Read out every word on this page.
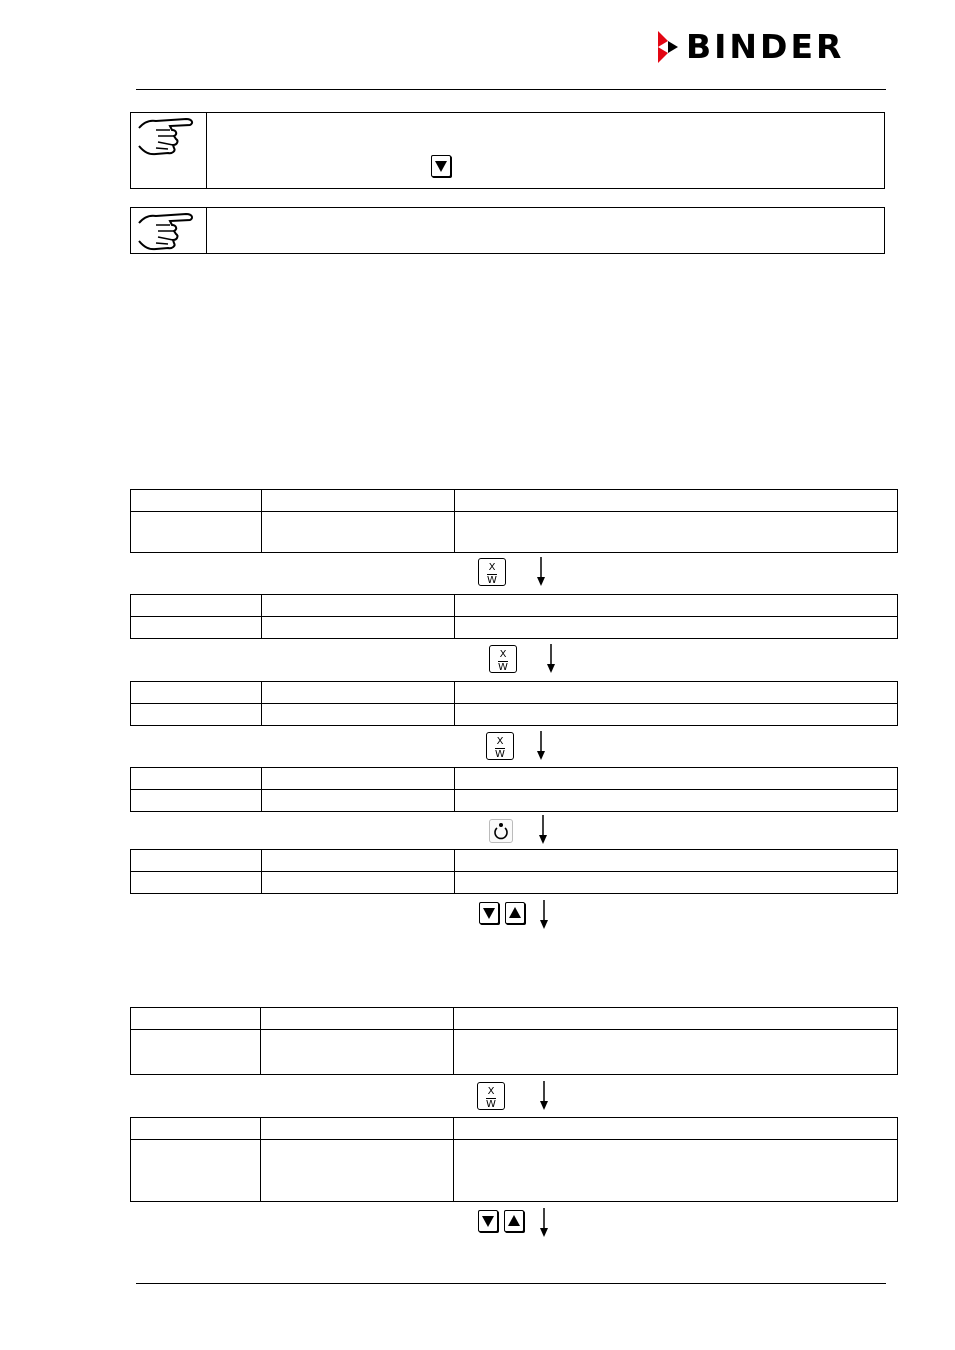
BINDER

X
W

X
W

X
W

X
W
